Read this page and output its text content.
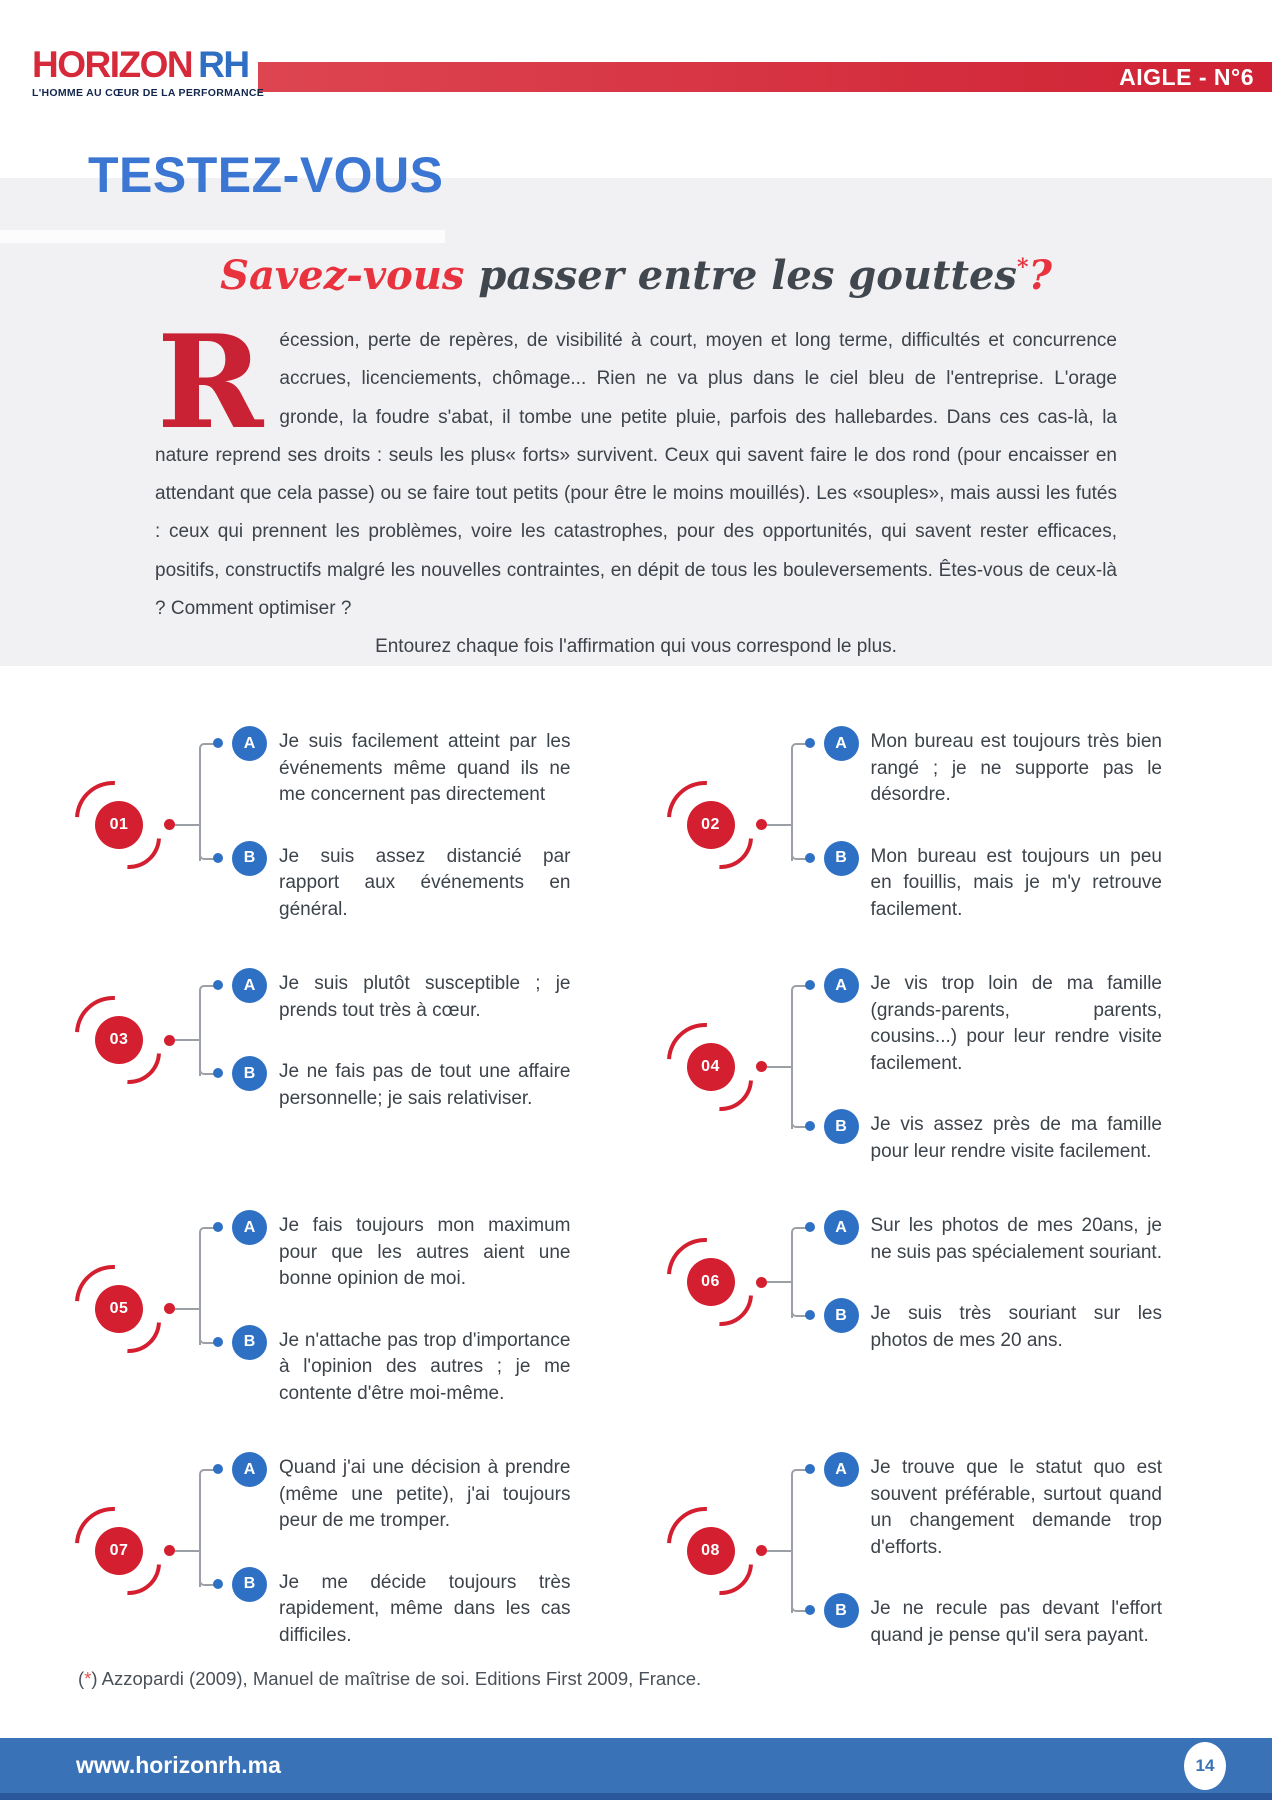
HORIZON RH
L'HOMME AU CŒUR DE LA PERFORMANCE
AIGLE - N°6
TESTEZ-VOUS
Savez-vous passer entre les gouttes*?

Récession, perte de repères, de visibilité à court, moyen et long terme, difficultés et concurrence accrues, licenciements, chômage... Rien ne va plus dans le ciel bleu de l'entreprise. L'orage gronde, la foudre s'abat, il tombe une petite pluie, parfois des hallebardes. Dans ces cas-là, la nature reprend ses droits : seuls les plus« forts» survivent. Ceux qui savent faire le dos rond (pour encaisser en attendant que cela passe) ou se faire tout petits (pour être le moins mouillés). Les «souples», mais aussi les futés : ceux qui prennent les problèmes, voire les catastrophes, pour des opportunités, qui savent rester efficaces, positifs, constructifs malgré les nouvelles contraintes, en dépit de tous les bouleversements. Êtes-vous de ceux-là ? Comment optimiser ?

Entourez chaque fois l'affirmation qui vous correspond le plus.

01
A	Je suis facilement atteint par les événements même quand ils ne me concernent pas directement

B	Je suis assez distancié par rapport aux événements en général.

02
A	Mon bureau est toujours très bien rangé ; je ne supporte pas le désordre.

B	Mon bureau est toujours un peu en fouillis, mais je m'y retrouve facilement.

03
A	Je suis plutôt susceptible ; je prends tout très à cœur.

B	Je ne fais pas de tout une affaire personnelle; je sais relativiser.

04
A	Je vis trop loin de ma famille (grands-parents, parents, cousins...) pour leur rendre visite facilement.

B	Je vis assez près de ma famille pour leur rendre visite facilement.

05
A	Je fais toujours mon maximum pour que les autres aient une bonne opinion de moi.

B	Je n'attache pas trop d'importance à l'opinion des autres ; je me contente d'être moi-même.

06
A	Sur les photos de mes 20ans, je ne suis pas spécialement souriant.

B	Je suis très souriant sur les photos de mes 20 ans.

07
A	Quand j'ai une décision à prendre (même une petite), j'ai toujours peur de me tromper.

B	Je me décide toujours très rapidement, même dans les cas difficiles.

08
A	Je trouve que le statut quo est souvent préférable, surtout quand un changement demande trop d'efforts.

B	Je ne recule pas devant l'effort quand je pense qu'il sera payant.

(*) Azzopardi (2009), Manuel de maîtrise de soi. Editions First 2009, France.

www.horizonrh.ma	14
